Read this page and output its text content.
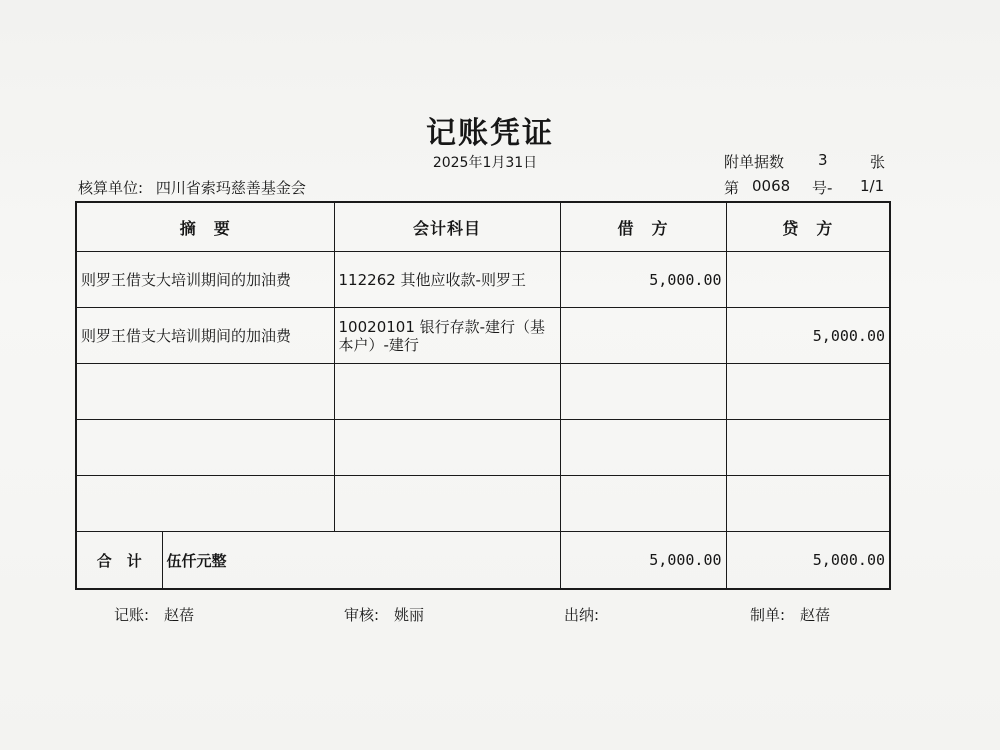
记账凭证
2025年1月31日	附单据数 3	张
核算单位: 四川省索玛慈善基金会	第 0068 号- 1/1
摘　要		会计科目	借　方	贷　方
则罗王借支大培训期间的加油费		112262 其他应收款-则罗王	5,000.00	
则罗王借支大培训期间的加油费		10020101 银行存款-建行（基本户）-建行		5,000.00

合　计	伍仟元整		5,000.00	5,000.00
记账: 赵蓓	审核: 姚丽	出纳:	制单: 赵蓓
